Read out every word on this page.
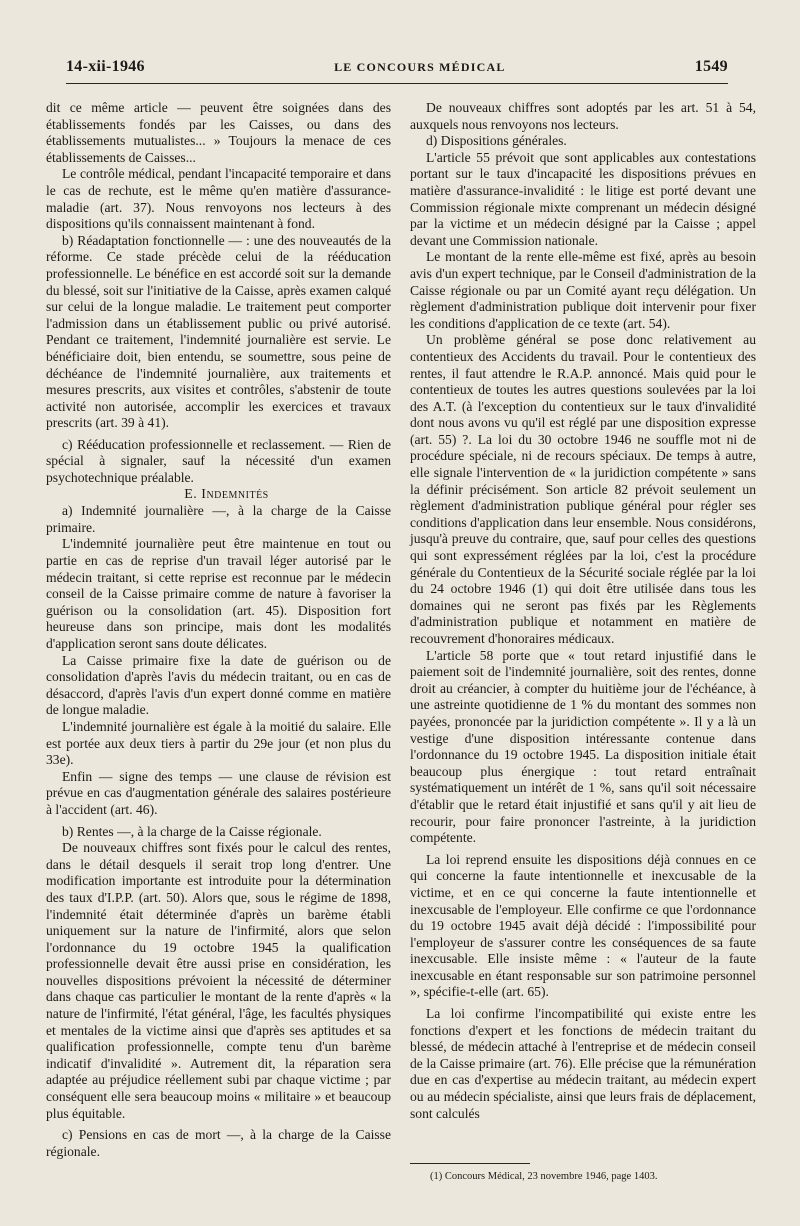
14-xii-1946	LE CONCOURS MÉDICAL	1549

dit ce même article — peuvent être soignées dans des établissements fondés par les Caisses, ou dans des établissements mutualistes... » Toujours la menace de ces établissements de Caisses...

Le contrôle médical, pendant l'incapacité temporaire et dans le cas de rechute, est le même qu'en matière d'assurance-maladie (art. 37). Nous renvoyons nos lecteurs à des dispositions qu'ils connaissent maintenant à fond.

b) Réadaptation fonctionnelle — : une des nouveautés de la réforme. Ce stade précède celui de la rééducation professionnelle. Le bénéfice en est accordé soit sur la demande du blessé, soit sur l'initiative de la Caisse, après examen calqué sur celui de la longue maladie. Le traitement peut comporter l'admission dans un établissement public ou privé autorisé. Pendant ce traitement, l'indemnité journalière est servie. Le bénéficiaire doit, bien entendu, se soumettre, sous peine de déchéance de l'indemnité journalière, aux traitements et mesures prescrits, aux visites et contrôles, s'abstenir de toute activité non autorisée, accomplir les exercices et travaux prescrits (art. 39 à 41).

c) Rééducation professionnelle et reclassement. — Rien de spécial à signaler, sauf la nécessité d'un examen psychotechnique préalable.

E. Indemnités

a) Indemnité journalière —, à la charge de la Caisse primaire.

L'indemnité journalière peut être maintenue en tout ou partie en cas de reprise d'un travail léger autorisé par le médecin traitant, si cette reprise est reconnue par le médecin conseil de la Caisse primaire comme de nature à favoriser la guérison ou la consolidation (art. 45). Disposition fort heureuse dans son principe, mais dont les modalités d'application seront sans doute délicates.

La Caisse primaire fixe la date de guérison ou de consolidation d'après l'avis du médecin traitant, ou en cas de désaccord, d'après l'avis d'un expert donné comme en matière de longue maladie.

L'indemnité journalière est égale à la moitié du salaire. Elle est portée aux deux tiers à partir du 29e jour (et non plus du 33e).

Enfin — signe des temps — une clause de révision est prévue en cas d'augmentation générale des salaires postérieure à l'accident (art. 46).

b) Rentes —, à la charge de la Caisse régionale.

De nouveaux chiffres sont fixés pour le calcul des rentes, dans le détail desquels il serait trop long d'entrer. Une modification importante est introduite pour la détermination des taux d'I.P.P. (art. 50). Alors que, sous le régime de 1898, l'indemnité était déterminée d'après un barème établi uniquement sur la nature de l'infirmité, alors que selon l'ordonnance du 19 octobre 1945 la qualification professionnelle devait être aussi prise en considération, les nouvelles dispositions prévoient la nécessité de déterminer dans chaque cas particulier le montant de la rente d'après « la nature de l'infirmité, l'état général, l'âge, les facultés physiques et mentales de la victime ainsi que d'après ses aptitudes et sa qualification professionnelle, compte tenu d'un barème indicatif d'invalidité ». Autrement dit, la réparation sera adaptée au préjudice réellement subi par chaque victime ; par conséquent elle sera beaucoup moins « militaire » et beaucoup plus équitable.

c) Pensions en cas de mort —, à la charge de la Caisse régionale.

De nouveaux chiffres sont adoptés par les art. 51 à 54, auxquels nous renvoyons nos lecteurs.

d) Dispositions générales.

L'article 55 prévoit que sont applicables aux contestations portant sur le taux d'incapacité les dispositions prévues en matière d'assurance-invalidité : le litige est porté devant une Commission régionale mixte comprenant un médecin désigné par la victime et un médecin désigné par la Caisse ; appel devant une Commission nationale.

Le montant de la rente elle-même est fixé, après au besoin avis d'un expert technique, par le Conseil d'administration de la Caisse régionale ou par un Comité ayant reçu délégation. Un règlement d'administration publique doit intervenir pour fixer les conditions d'application de ce texte (art. 54).

Un problème général se pose donc relativement au contentieux des Accidents du travail. Pour le contentieux des rentes, il faut attendre le R.A.P. annoncé. Mais quid pour le contentieux de toutes les autres questions soulevées par la loi des A.T. (à l'exception du contentieux sur le taux d'invalidité dont nous avons vu qu'il est réglé par une disposition expresse (art. 55) ?. La loi du 30 octobre 1946 ne souffle mot ni de procédure spéciale, ni de recours spéciaux. De temps à autre, elle signale l'intervention de « la juridiction compétente » sans la définir précisément. Son article 82 prévoit seulement un règlement d'administration publique général pour régler ses conditions d'application dans leur ensemble. Nous considérons, jusqu'à preuve du contraire, que, sauf pour celles des questions qui sont expressément réglées par la loi, c'est la procédure générale du Contentieux de la Sécurité sociale réglée par la loi du 24 octobre 1946 (1) qui doit être utilisée dans tous les domaines qui ne seront pas fixés par les Règlements d'administration publique et notamment en matière de recouvrement d'honoraires médicaux.

L'article 58 porte que « tout retard injustifié dans le paiement soit de l'indemnité journalière, soit des rentes, donne droit au créancier, à compter du huitième jour de l'échéance, à une astreinte quotidienne de 1 % du montant des sommes non payées, prononcée par la juridiction compétente ». Il y a là un vestige d'une disposition intéressante contenue dans l'ordonnance du 19 octobre 1945. La disposition initiale était beaucoup plus énergique : tout retard entraînait systématiquement un intérêt de 1 %, sans qu'il soit nécessaire d'établir que le retard était injustifié et sans qu'il y ait lieu de recourir, pour faire prononcer l'astreinte, à la juridiction compétente.

La loi reprend ensuite les dispositions déjà connues en ce qui concerne la faute intentionnelle et inexcusable de la victime, et en ce qui concerne la faute intentionnelle et inexcusable de l'employeur. Elle confirme ce que l'ordonnance du 19 octobre 1945 avait déjà décidé : l'impossibilité pour l'employeur de s'assurer contre les conséquences de sa faute inexcusable. Elle insiste même : « l'auteur de la faute inexcusable en étant responsable sur son patrimoine personnel », spécifie-t-elle (art. 65).

La loi confirme l'incompatibilité qui existe entre les fonctions d'expert et les fonctions de médecin traitant du blessé, de médecin attaché à l'entreprise et de médecin conseil de la Caisse primaire (art. 76). Elle précise que la rémunération due en cas d'expertise au médecin traitant, au médecin expert ou au médecin spécialiste, ainsi que leurs frais de déplacement, sont calculés

(1) Concours Médical, 23 novembre 1946, page 1403.
